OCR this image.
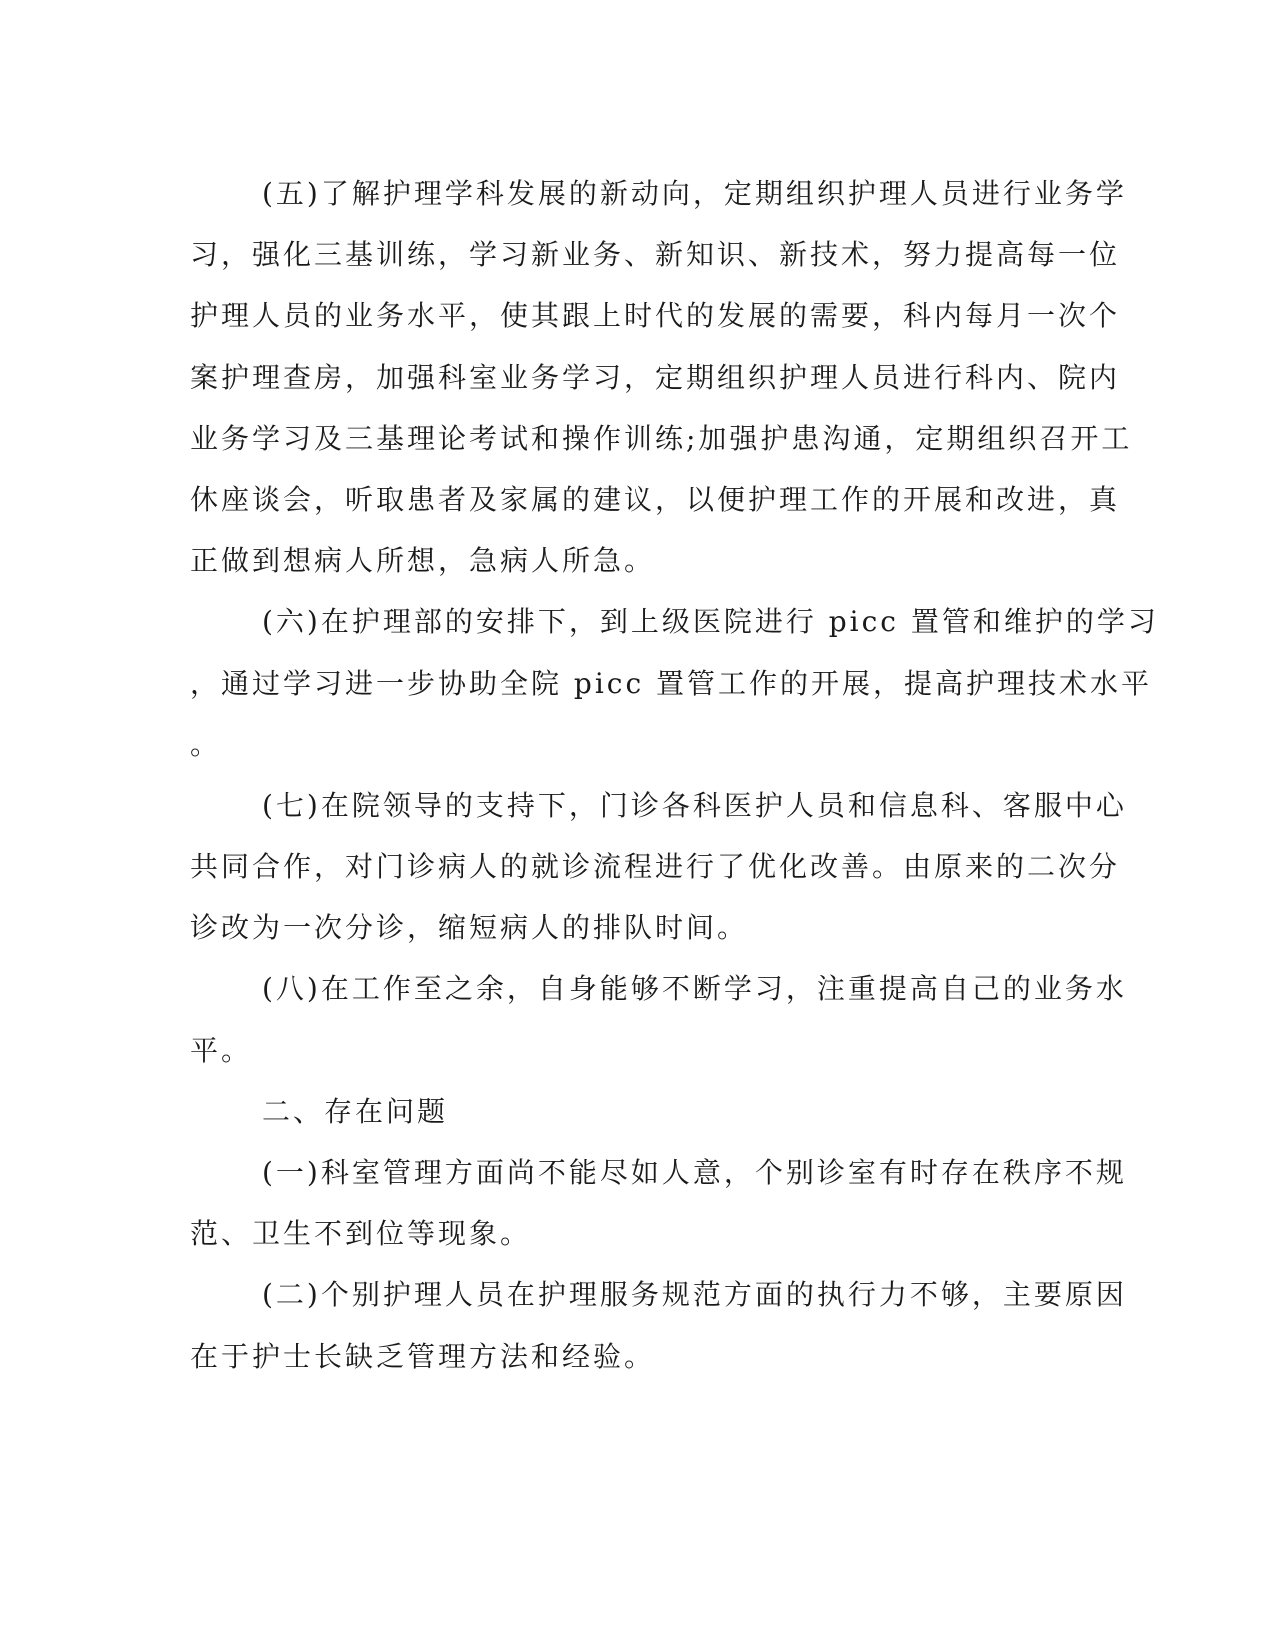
(五)了解护理学科发展的新动向，定期组织护理人员进行业务学
习，强化三基训练，学习新业务、新知识、新技术，努力提高每一位
护理人员的业务水平，使其跟上时代的发展的需要，科内每月一次个
案护理查房，加强科室业务学习，定期组织护理人员进行科内、院内
业务学习及三基理论考试和操作训练;加强护患沟通，定期组织召开工
休座谈会，听取患者及家属的建议，以便护理工作的开展和改进，真
正做到想病人所想，急病人所急。
(六)在护理部的安排下，到上级医院进行 picc 置管和维护的学习
，通过学习进一步协助全院 picc 置管工作的开展，提高护理技术水平
。
(七)在院领导的支持下，门诊各科医护人员和信息科、客服中心
共同合作，对门诊病人的就诊流程进行了优化改善。由原来的二次分
诊改为一次分诊，缩短病人的排队时间。
(八)在工作至之余，自身能够不断学习，注重提高自己的业务水
平。
二、存在问题
(一)科室管理方面尚不能尽如人意，个别诊室有时存在秩序不规
范、卫生不到位等现象。
(二)个别护理人员在护理服务规范方面的执行力不够，主要原因
在于护士长缺乏管理方法和经验。
